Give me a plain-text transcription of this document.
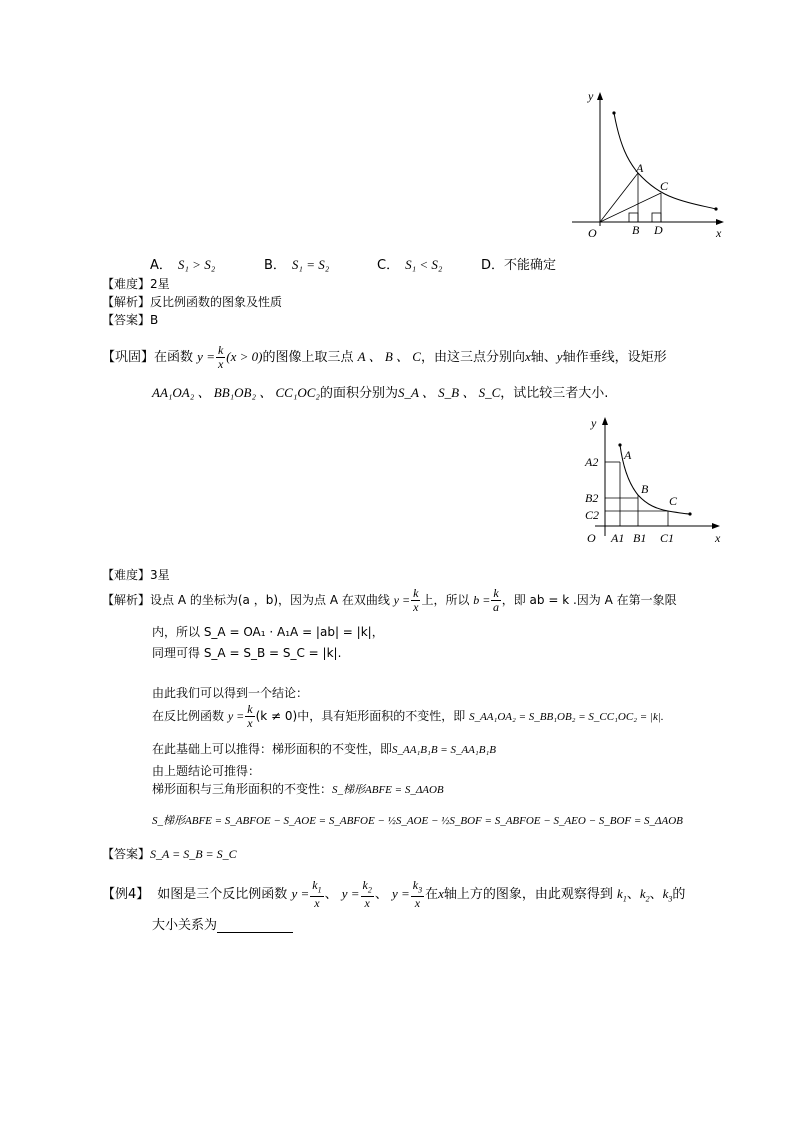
y
A
C
O	B D	x
A． S₁ > S₂	B． S₁ = S₂	C． S₁ < S₂	D．不能确定
【难度】2星
【解析】反比例函数的图象及性质
【答案】B
【巩固】在函数 $y = \frac{k}{x} (x > 0)$的图像上取三点 A 、 B 、 C，由这三点分别向x轴、y轴作垂线，设矩形
AA₁OA₂ 、 BB₁OB₂ 、 CC₁OC₂的面积分别为S_A 、 S_B 、 S_C，试比较三者大小.
y
A2 A
B2
B
C2
C
O A1 B1 C1	x
【难度】3星
【解析】设点 A 的坐标为(a ，b)，因为点 A 在双曲线 $y = \frac{k}{x}$ 上，所以 $b = \frac{k}{a}$ ，即 ab = k .因为 A 在第一象限
内，所以 S_A = OA₁ · A₁A = |ab| = |k|，
同理可得 S_A = S_B = S_C = |k|.
由此我们可以得到一个结论：
在反比例函数 $y = \frac{k}{x} (k \ne 0)$中，具有矩形面积的不变性，即 S_AA₁OA₂ = S_BB₁OB₂ = S_CC₁OC₂ = |k|.
在此基础上可以推得：梯形面积的不变性，即S_AA₁B₁B = S_AA₁B₁B
由上题结论可推得：
梯形面积与三角形面积的不变性：S_梯形ABFE = S_ΔAOB
S_梯形ABFE = S_ABFOE − S_AOE = S_ABFOE − ½S_AOE − ½S_BOF = S_ABFOE − S_AEO − S_BOF = S_ΔAOB
【答案】S_A = S_B = S_C
【例4】 如图是三个反比例函数 $y = \frac{k_1}{x}$ 、 $y = \frac{k_2}{x}$ 、 $y = \frac{k_3}{x}$ 在x轴上方的图象，由此观察得到 $k_1$、$k_2$、$k_3$的
大小关系为
